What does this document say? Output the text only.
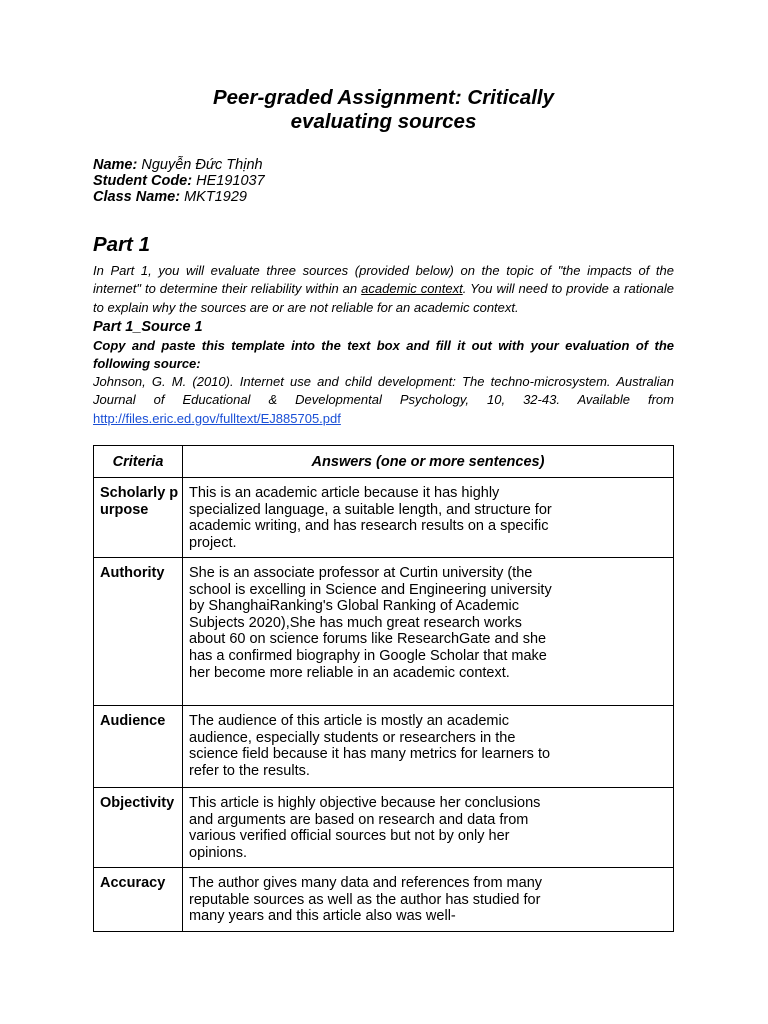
Peer-graded Assignment: Critically
evaluating sources
Name: Nguyễn Đức Thịnh
Student Code: HE191037
Class Name: MKT1929
Part 1
In Part 1, you will evaluate three sources (provided below) on the topic of "the impacts of the internet" to determine their reliability within an academic context. You will need to provide a rationale to explain why the sources are or are not reliable for an academic context.
Part 1_Source 1
Copy and paste this template into the text box and fill it out with your evaluation of the following source:
Johnson, G. M. (2010). Internet use and child development: The techno-microsystem. Australian Journal of Educational & Developmental Psychology, 10, 32-43. Available from http://files.eric.ed.gov/fulltext/EJ885705.pdf
Criteria	Answers (one or more sentences)
Scholarly purpose	This is an academic article because it has highly specialized language, a suitable length, and structure for academic writing, and has research results on a specific project.

Authority	She is an associate professor at Curtin university (the school is excelling in Science and Engineering university by ShanghaiRanking's Global Ranking of Academic Subjects 2020),She has much great research works about 60 on science forums like ResearchGate and she has a confirmed biography in Google Scholar that make her become more reliable in an academic context.

Audience	The audience of this article is mostly an academic audience, especially students or researchers in the science field because it has many metrics for learners to refer to the results.

Objectivity	This article is highly objective because her conclusions and arguments are based on research and data from various verified official sources but not by only her opinions.

Accuracy	The author gives many data and references from many reputable sources as well as the author has studied for many years and this article also was well-
